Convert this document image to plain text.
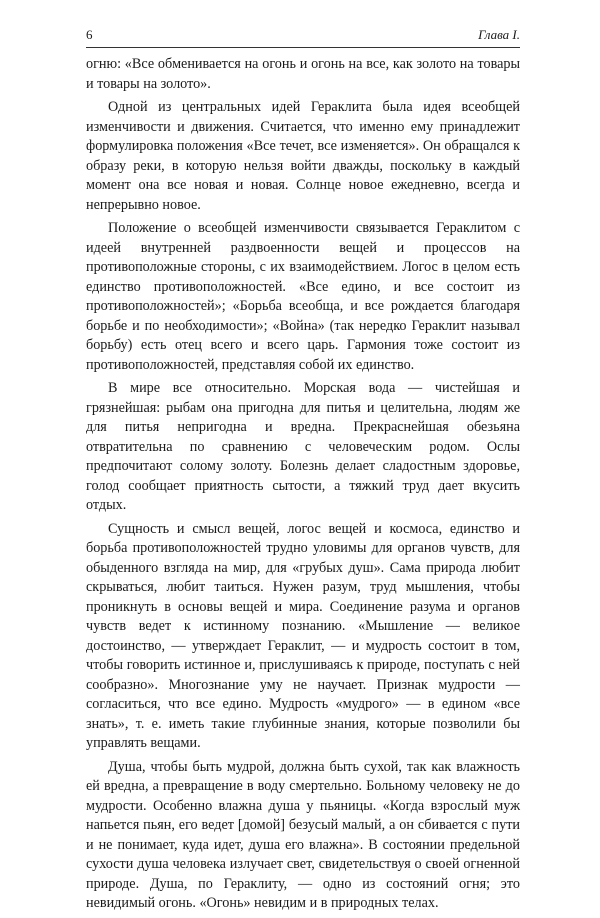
6	Глава I.

огню: «Все обменивается на огонь и огонь на все, как золото на товары и товары на золото».

Одной из центральных идей Гераклита была идея всеобщей изменчивости и движения. Считается, что именно ему принадлежит формулировка положения «Все течет, все изменяется». Он обращался к образу реки, в которую нельзя войти дважды, поскольку в каждый момент она все новая и новая. Солнце новое ежедневно, всегда и непрерывно новое.

Положение о всеобщей изменчивости связывается Гераклитом с идеей внутренней раздвоенности вещей и процессов на противоположные стороны, с их взаимодействием. Логос в целом есть единство противоположностей. «Все едино, и все состоит из противоположностей»; «Борьба всеобща, и все рождается благодаря борьбе и по необходимости»; «Война» (так нередко Гераклит называл борьбу) есть отец всего и всего царь. Гармония тоже состоит из противоположностей, представляя собой их единство.

В мире все относительно. Морская вода — чистейшая и грязнейшая: рыбам она пригодна для питья и целительна, людям же для питья непригодна и вредна. Прекраснейшая обезьяна отвратительна по сравнению с человеческим родом. Ослы предпочитают солому золоту. Болезнь делает сладостным здоровье, голод сообщает приятность сытости, а тяжкий труд дает вкусить отдых.

Сущность и смысл вещей, логос вещей и космоса, единство и борьба противоположностей трудно уловимы для органов чувств, для обыденного взгляда на мир, для «грубых душ». Сама природа любит скрываться, любит таиться. Нужен разум, труд мышления, чтобы проникнуть в основы вещей и мира. Соединение разума и органов чувств ведет к истинному познанию. «Мышление — великое достоинство, — утверждает Гераклит, — и мудрость состоит в том, чтобы говорить истинное и, прислушиваясь к природе, поступать с ней сообразно». Многознание уму не научает. Признак мудрости — согласиться, что все едино. Мудрость «мудрого» — в едином «все знать», т. е. иметь такие глубинные знания, которые позволили бы управлять вещами.

Душа, чтобы быть мудрой, должна быть сухой, так как влажность ей вредна, а превращение в воду смертельно. Больному человеку не до мудрости. Особенно влажна душа у пьяницы. «Когда взрослый муж напьется пьян, его ведет [домой] безусый малый, а он сбивается с пути и не понимает, куда идет, душа его влажна». В состоянии предельной сухости душа человека излучает свет, свидетельствуя о своей огненной природе. Душа, по Гераклиту, — одно из состояний огня; это невидимый огонь. «Огонь» невидим и в природных телах.
